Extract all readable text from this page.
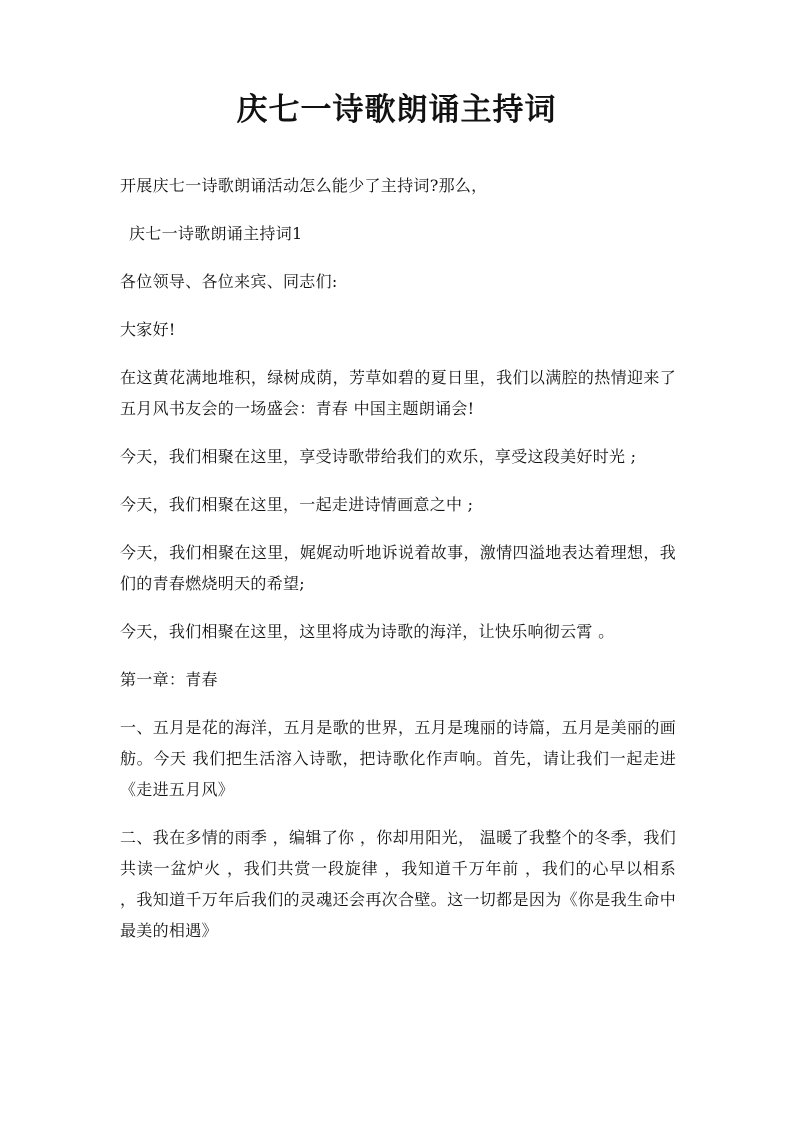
庆七一诗歌朗诵主持词

开展庆七一诗歌朗诵活动怎么能少了主持词?那么，

庆七一诗歌朗诵主持词1

各位领导、各位来宾、同志们:

大家好!

在这黄花满地堆积，绿树成荫，芳草如碧的夏日里，我们以满腔的热情迎来了五月风书友会的一场盛会：青春 中国主题朗诵会!

今天，我们相聚在这里，享受诗歌带给我们的欢乐，享受这段美好时光 ;

今天，我们相聚在这里，一起走进诗情画意之中 ;

今天，我们相聚在这里，娓娓动听地诉说着故事，激情四溢地表达着理想，我们的青春燃烧明天的希望;

今天，我们相聚在这里，这里将成为诗歌的海洋，让快乐响彻云霄 。

第一章：青春

一、五月是花的海洋，五月是歌的世界，五月是瑰丽的诗篇，五月是美丽的画舫。今天 我们把生活溶入诗歌，把诗歌化作声响。首先，请让我们一起走进《走进五月风》

二、我在多情的雨季 ，编辑了你 ，你却用阳光， 温暖了我整个的冬季，我们共读一盆炉火 ，我们共赏一段旋律 ，我知道千万年前 ，我们的心早以相系 ，我知道千万年后我们的灵魂还会再次合壁。这一切都是因为《你是我生命中最美的相遇》
